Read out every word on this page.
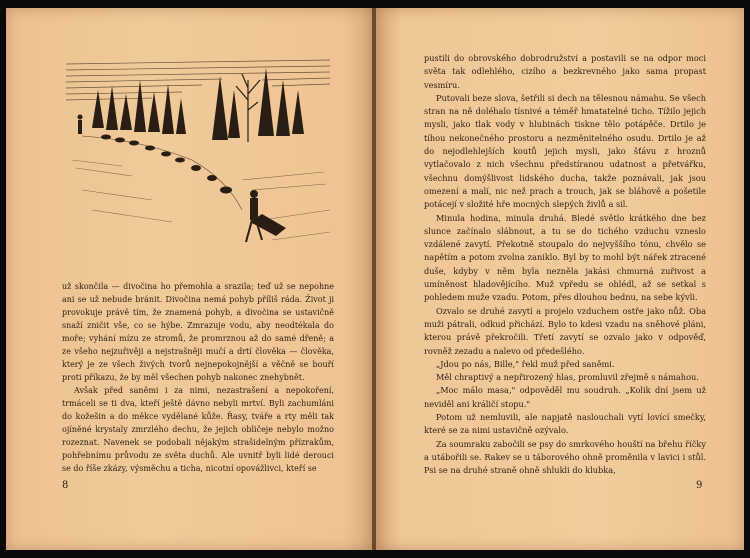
už skončila — divočina ho přemohla a srazila; teď už se nepohne ani se už nebude bránit. Divočina nemá pohyb příliš ráda. Život ji provokuje právě tím, že znamená pohyb, a divočina se ustavičně snaží zničit vše, co se hýbe. Zmrazuje vodu, aby neodtékala do moře; vyhání mízu ze stromů, že promrznou až do samé dřeně; a ze všeho nejzuřivěji a nejstrašněji mučí a drtí člověka — člověka, který je ze všech živých tvorů nejnepokojnější a věčně se bouří proti příkazu, že by měl všechen pohyb nakonec znehybnět.

Avšak před saněmi i za nimi, nezastrašení a nepokoření, trmáceli se ti dva, kteří ještě dávno nebyli mrtví. Byli zachumláni do kožešin a do měkce vydělané kůže. Řasy, tváře a rty měli tak ojíněné krystaly zmrzlého dechu, že jejich obličeje nebylo možno rozeznat. Navenek se podobali nějakým strašidelným přízrakům, pohřebnímu průvodu ze světa duchů. Ale uvnitř byli lidé derouci se do říše zkázy, výsměchu a ticha, nicotní opovážlivci, kteří se

8

pustili do obrovského dobrodružství a postavili se na odpor moci světa tak odlehlého, cizího a bezkrevného jako sama propast vesmíru.

Putovali beze slova, šetřili si dech na tělesnou námahu. Se všech stran na ně doléhalo tísnivé a téměř hmatatelné ticho. Tížilo jejich mysli, jako tlak vody v hlubinách tiskne tělo potápěče. Drtilo je tíhou nekonečného prostoru a nezměnitelného osudu. Drtilo je až do nejodlehlejších koutů jejich mysli, jako šťávu z hroznů vytlačovalo z nich všechnu předstíranou udatnost a přetvářku, všechnu domýšlivost lidského ducha, takže poznávali, jak jsou omezení a malí, nic než prach a trouch, jak se bláhově a pošetile potácejí v složité hře mocných slepých živlů a sil.

Minula hodina, minula druhá. Bledé světlo krátkého dne bez slunce začínalo slábnout, a tu se do tichého vzduchu vzneslo vzdálené zavytí. Překotně stoupalo do nejvyššího tónu, chvělo se napětím a potom zvolna zaniklo. Byl by to mohl být nářek ztracené duše, kdyby v něm byla nezněla jakási chmurná zuřivost a umíněnost hladovějícího. Muž vpředu se ohlédl, až se setkal s pohledem muže vzadu. Potom, přes dlouhou bednu, na sebe kývli.

Ozvalo se druhé zavytí a projelo vzduchem ostře jako nůž. Oba muži pátrali, odkud přichází. Bylo to kdesi vzadu na sněhové pláni, kterou právě překročili. Třetí zavytí se ozvalo jako v odpověď, rovněž zezadu a nalevo od předešlého.

„Jdou po nás, Bille," řekl muž před saněmi.

Měl chraptivý a nepřirozený hlas, promluvil zřejmě s námahou.

„Moc málo masa," odpověděl mu soudruh. „Kolik dní jsem už neviděl ani králičí stopu."

Potom už nemluvili, ale napjatě naslouchali vytí lovící smečky, které se za nimi ustavičně ozývalo.

Za soumraku zabočili se psy do smrkového houští na břehu říčky a utábořili se. Rakev se u táborového ohně proměnila v lavici i stůl. Psi se na druhé straně ohně shlukli do klubka,

9
